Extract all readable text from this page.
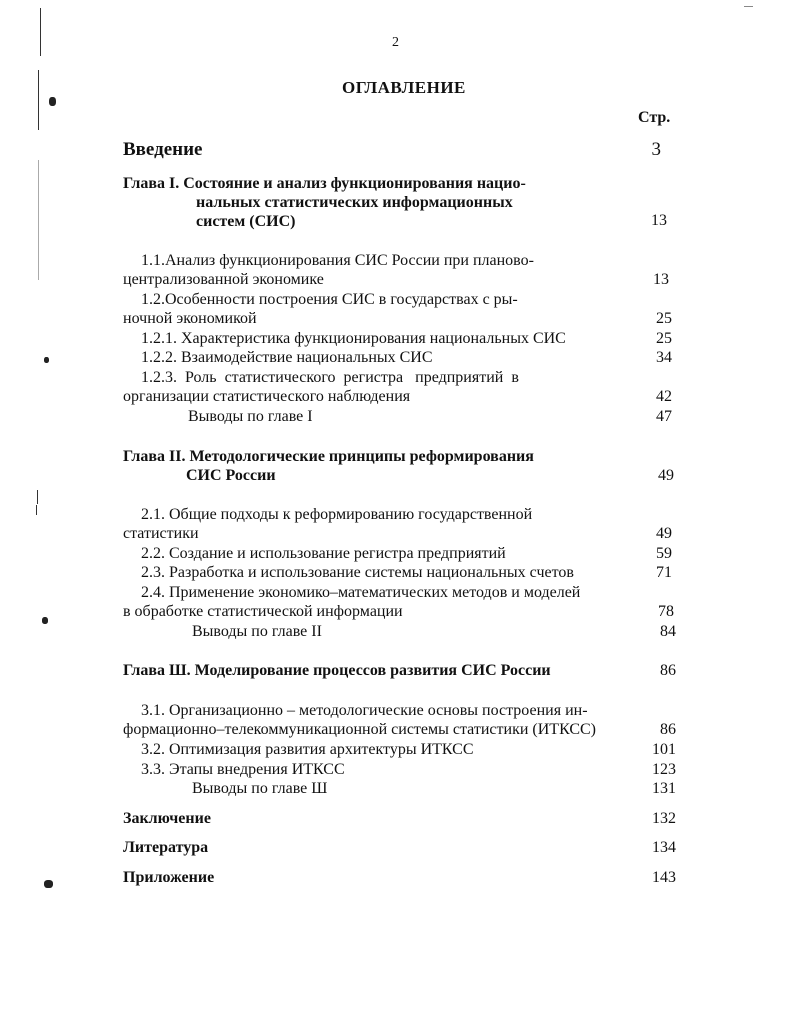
2
ОГЛАВЛЕНИЕ
Стр.
Введение	3
Глава I. Состояние и анализ функционирования нацио-
нальных статистических информационных
систем (СИС)	13
1.1.Анализ функционирования СИС России при планово-
централизованной экономике	13
1.2.Особенности построения СИС в государствах с ры-
ночной экономикой	25
1.2.1. Характеристика функционирования национальных СИС	25
1.2.2. Взаимодействие национальных СИС	34
1.2.3.  Роль  статистического  регистра   предприятий  в
организации статистического наблюдения	42
Выводы по главе I	47
Глава II. Методологические принципы реформирования
СИС России	49
2.1. Общие подходы к реформированию государственной
статистики	49
2.2. Создание и использование регистра предприятий	59
2.3. Разработка и использование системы национальных счетов	71
2.4. Применение экономико–математических методов и моделей
в обработке статистической информации	78
Выводы по главе II	84
Глава Ш. Моделирование процессов развития СИС России	86
3.1. Организационно – методологические основы построения ин-
формационно–телекоммуникационной системы статистики (ИТКСС)	86
3.2. Оптимизация развития архитектуры ИТКСС	101
3.3. Этапы внедрения ИТКСС	123
Выводы по главе Ш	131
Заключение	132
Литература	134
Приложение	143
